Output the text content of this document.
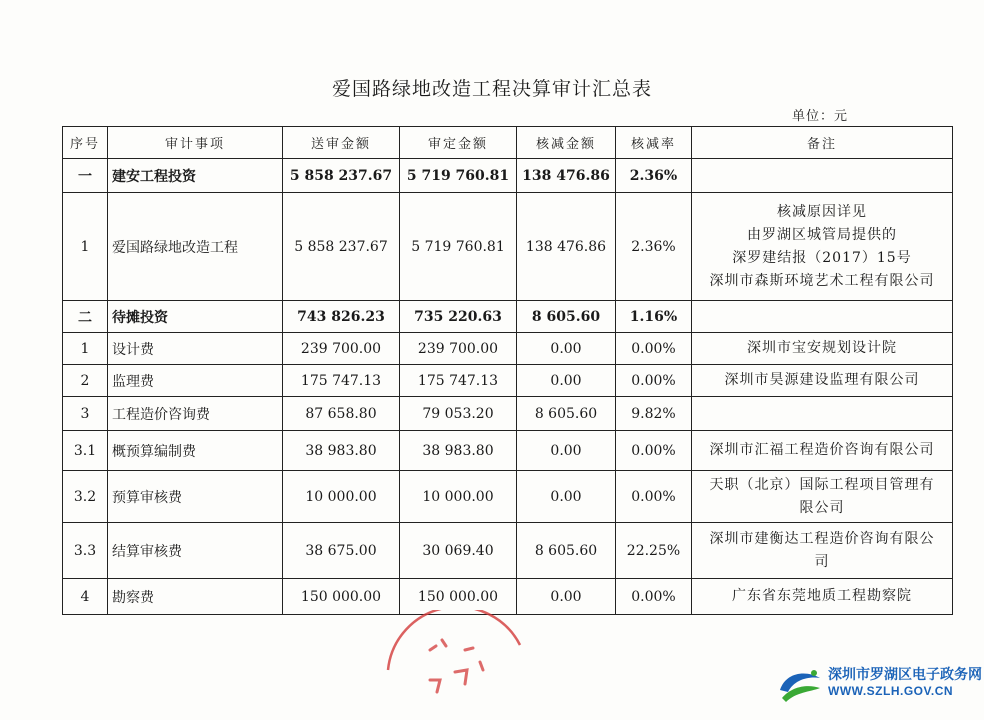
爱国路绿地改造工程决算审计汇总表
单位：元
序号	审计事项	送审金额	审定金额	核减金额	核减率	备注
一	建安工程投资	5 858 237.67	5 719 760.81	138 476.86	2.36%	
1	爱国路绿地改造工程	5 858 237.67	5 719 760.81	138 476.86	2.36%	核减原因详见
由罗湖区城管局提供的
深罗建结报（2017）15号
深圳市森斯环境艺术工程有限公司

二	待摊投资	743 826.23	735 220.63	8 605.60	1.16%	
1	设计费	239 700.00	239 700.00	0.00	0.00%	深圳市宝安规划设计院
2	监理费	175 747.13	175 747.13	0.00	0.00%	深圳市昊源建设监理有限公司
3	工程造价咨询费	87 658.80	79 053.20	8 605.60	9.82%	
3.1	概预算编制费	38 983.80	38 983.80	0.00	0.00%	深圳市汇福工程造价咨询有限公司
3.2	预算审核费	10 000.00	10 000.00	0.00	0.00%	天职（北京）国际工程项目管理有
限公司

3.3	结算审核费	38 675.00	30 069.40	8 605.60	22.25%	深圳市建衡达工程造价咨询有限公
司

4	勘察费	150 000.00	150 000.00	0.00	0.00%	广东省东莞地质工程勘察院
深圳市罗湖区电子政务网
WWW.SZLH.GOV.CN
